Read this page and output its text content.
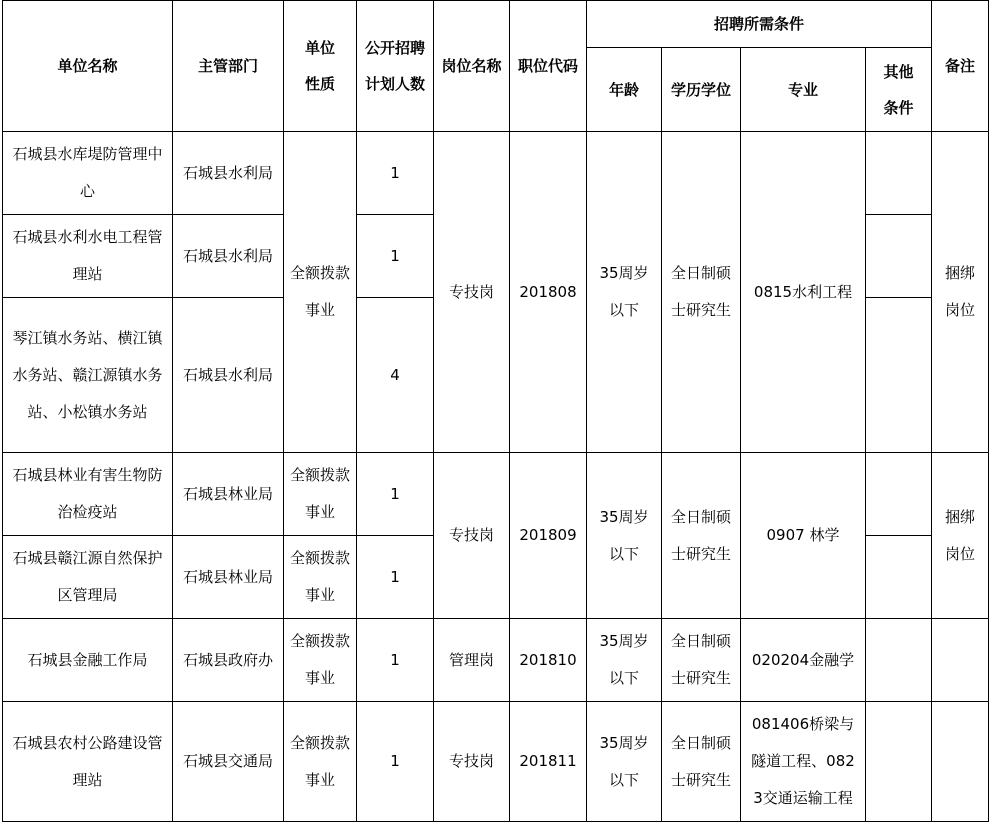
单位名称	主管部门	单位性质	公开招聘计划人数	岗位名称	职位代码	招聘所需条件				备注
						年龄	学历学位	专业	其他条件	
石城县水库堤防管理中心	石城县水利局	全额拨款事业	1	专技岗	201808	35周岁以下	全日制硕士研究生	0815水利工程		捆绑岗位
石城县水利水电工程管理站	石城县水利局		1							
琴江镇水务站、横江镇水务站、赣江源镇水务站、小松镇水务站	石城县水利局		4							
石城县林业有害生物防治检疫站	石城县林业局	全额拨款事业	1	专技岗	201809	35周岁以下	全日制硕士研究生	0907 林学		捆绑岗位
石城县赣江源自然保护区管理局	石城县林业局	全额拨款事业	1							
石城县金融工作局	石城县政府办	全额拨款事业	1	管理岗	201810	35周岁以下	全日制硕士研究生	020204金融学		
石城县农村公路建设管理站	石城县交通局	全额拨款事业	1	专技岗	201811	35周岁以下	全日制硕士研究生	081406桥梁与隧道工程、0823交通运输工程		
